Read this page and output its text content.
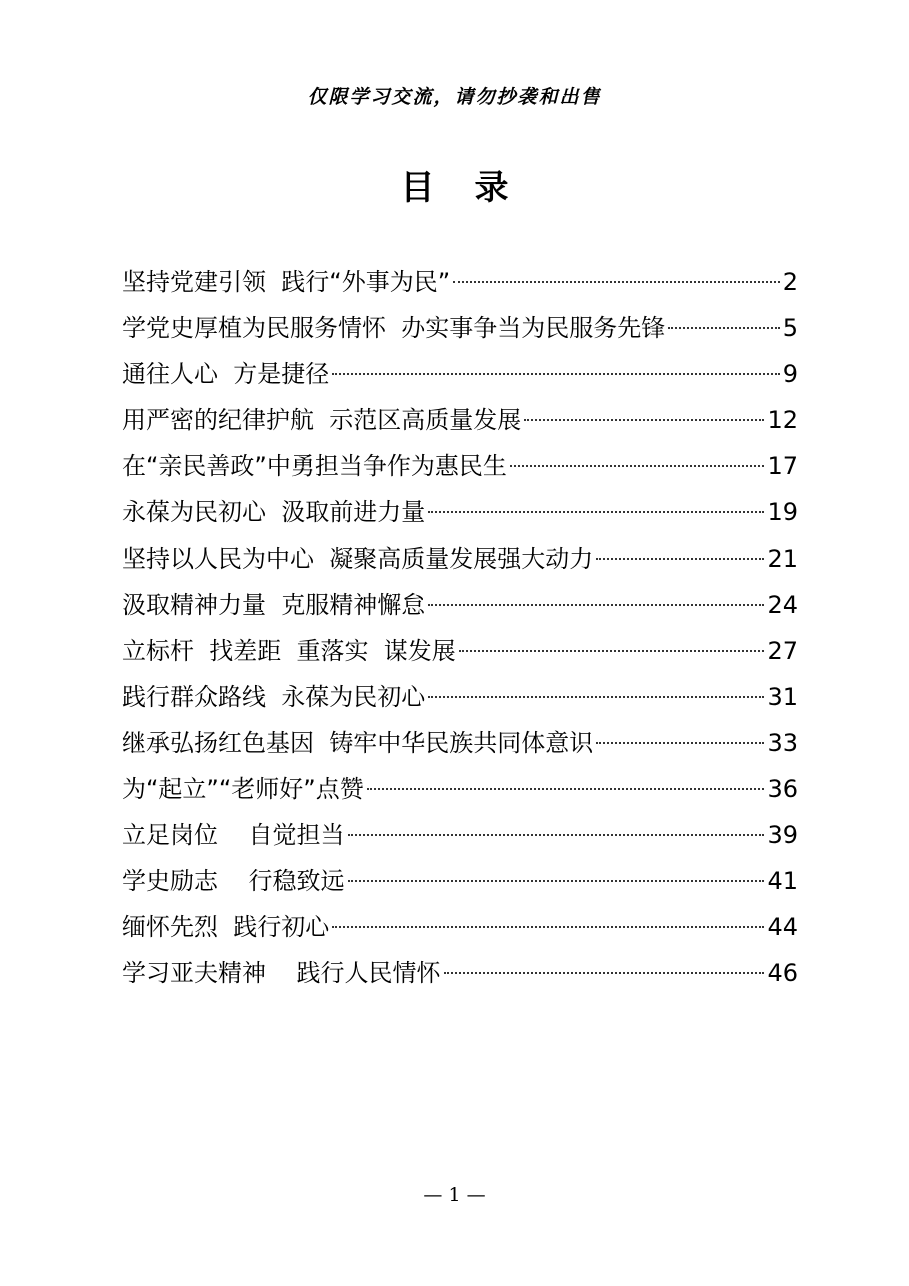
仅限学习交流，请勿抄袭和出售
目录
坚持党建引领  践行“外事为民”	2
学党史厚植为民服务情怀  办实事争当为民服务先锋	5
通往人心  方是捷径	9
用严密的纪律护航  示范区高质量发展	12
在“亲民善政”中勇担当争作为惠民生	17
永葆为民初心  汲取前进力量	19
坚持以人民为中心  凝聚高质量发展强大动力	21
汲取精神力量  克服精神懈怠	24
立标杆  找差距  重落实  谋发展	27
践行群众路线  永葆为民初心	31
继承弘扬红色基因  铸牢中华民族共同体意识	33
为“起立”“老师好”点赞	36
立足岗位    自觉担当	39
学史励志    行稳致远	41
缅怀先烈  践行初心	44
学习亚夫精神    践行人民情怀	46
— 1 —
